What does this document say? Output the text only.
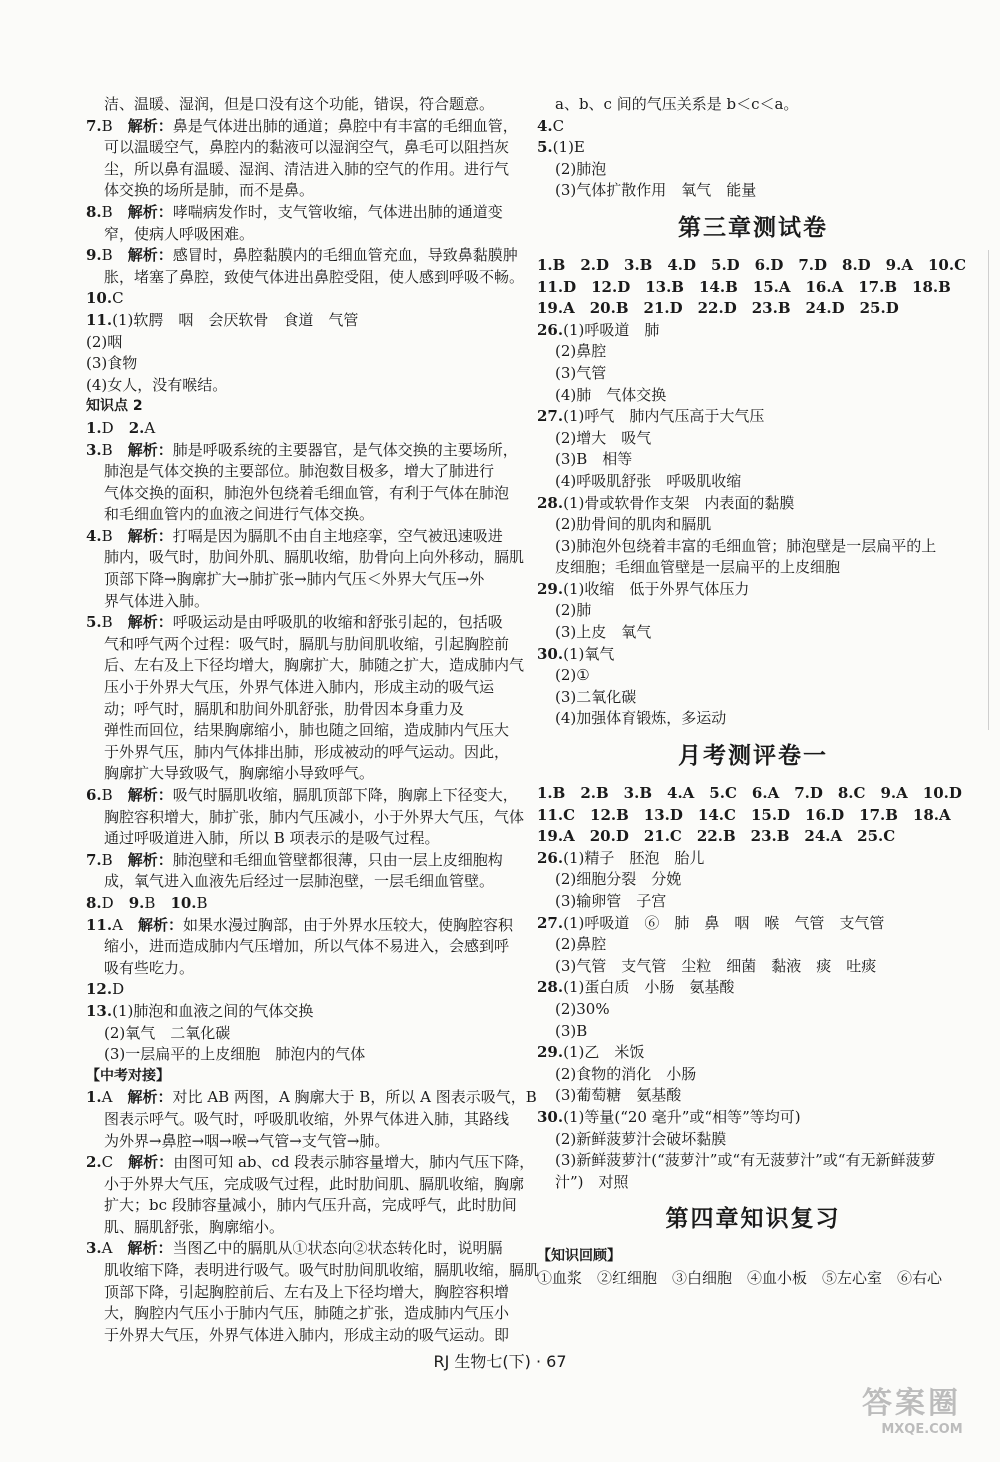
洁、温暖、湿润，但是口没有这个功能，错误，符合题意。
7.B　 解析：鼻是气体进出肺的通道；鼻腔中有丰富的毛细血管，
可以温暖空气，鼻腔内的黏液可以湿润空气，鼻毛可以阻挡灰
尘，所以鼻有温暖、湿润、清洁进入肺的空气的作用。进行气
体交换的场所是肺，而不是鼻。
8.B　 解析：哮喘病发作时，支气管收缩，气体进出肺的通道变
窄，使病人呼吸困难。
9.B　 解析：感冒时，鼻腔黏膜内的毛细血管充血，导致鼻黏膜肿
胀，堵塞了鼻腔，致使气体进出鼻腔受阻，使人感到呼吸不畅。
10.C　
11.(1)软腭　咽　会厌软骨　食道　气管
(2)咽
(3)食物
(4)女人，没有喉结。
知识点 2
1.D　 2.A　
3.B　 解析：肺是呼吸系统的主要器官，是气体交换的主要场所，
肺泡是气体交换的主要部位。肺泡数目极多，增大了肺进行
气体交换的面积，肺泡外包绕着毛细血管，有利于气体在肺泡
和毛细血管内的血液之间进行气体交换。
4.B　 解析：打嗝是因为膈肌不由自主地痉挛，空气被迅速吸进
肺内，吸气时，肋间外肌、膈肌收缩，肋骨向上向外移动，膈肌
顶部下降→胸廓扩大→肺扩张→肺内气压＜外界大气压→外
界气体进入肺。
5.B　 解析：呼吸运动是由呼吸肌的收缩和舒张引起的，包括吸
气和呼气两个过程：吸气时，膈肌与肋间肌收缩，引起胸腔前
后、左右及上下径均增大，胸廓扩大，肺随之扩大，造成肺内气
压小于外界大气压，外界气体进入肺内，形成主动的吸气运
动；呼气时，膈肌和肋间外肌舒张，肋骨因本身重力及
弹性而回位，结果胸廓缩小，肺也随之回缩，造成肺内气压大
于外界气压，肺内气体排出肺，形成被动的呼气运动。因此，
胸廓扩大导致吸气，胸廓缩小导致呼气。
6.B　 解析：吸气时膈肌收缩，膈肌顶部下降，胸廓上下径变大，
胸腔容积增大，肺扩张，肺内气压减小，小于外界大气压，气体
通过呼吸道进入肺，所以 B 项表示的是吸气过程。
7.B　 解析：肺泡壁和毛细血管壁都很薄，只由一层上皮细胞构
成，氧气进入血液先后经过一层肺泡壁，一层毛细血管壁。
8.D　 9.B　 10.B
11.A　 解析：如果水漫过胸部，由于外界水压较大，使胸腔容积
缩小，进而造成肺内气压增加，所以气体不易进入，会感到呼
吸有些吃力。
12.D　
13.(1)肺泡和血液之间的气体交换
(2)氧气　二氧化碳
(3)一层扁平的上皮细胞　肺泡内的气体
【中考对接】
1.A　 解析：对比 AB 两图，A 胸廓大于 B，所以 A 图表示吸气，B
图表示呼气。吸气时，呼吸肌收缩，外界气体进入肺，其路线
为外界→鼻腔→咽→喉→气管→支气管→肺。
2.C　 解析：由图可知 ab、cd 段表示肺容量增大，肺内气压下降，
小于外界大气压，完成吸气过程，此时肋间肌、膈肌收缩，胸廓
扩大；bc 段肺容量减小，肺内气压升高，完成呼气，此时肋间
肌、膈肌舒张，胸廓缩小。
3.A　 解析：当图乙中的膈肌从①状态向②状态转化时，说明膈
肌收缩下降，表明进行吸气。吸气时肋间肌收缩，膈肌收缩，膈肌
顶部下降，引起胸腔前后、左右及上下径均增大，胸腔容积增
大，胸腔内气压小于肺内气压，肺随之扩张，造成肺内气压小
于外界大气压，外界气体进入肺内，形成主动的吸气运动。即
a、b、c 间的气压关系是 b＜c＜a。
4.C　
5.(1)E
(2)肺泡
(3)气体扩散作用　氧气　能量
第三章测试卷
1.B　2.D　3.B　4.D　5.D　6.D　7.D　8.D　9.A　10.C
11.D　12.D　13.B　14.B　15.A　16.A　17.B　18.B
19.A　20.B　21.D　22.D　23.B　24.D　25.D
26.(1)呼吸道　肺
(2)鼻腔
(3)气管
(4)肺　气体交换
27.(1)呼气　肺内气压高于大气压
(2)增大　吸气
(3)B　相等
(4)呼吸肌舒张　呼吸肌收缩
28.(1)骨或软骨作支架　内表面的黏膜
(2)肋骨间的肌肉和膈肌
(3)肺泡外包绕着丰富的毛细血管；肺泡壁是一层扁平的上
皮细胞；毛细血管壁是一层扁平的上皮细胞
29.(1)收缩　低于外界气体压力
(2)肺
(3)上皮　氧气
30.(1)氧气
(2)①
(3)二氧化碳
(4)加强体育锻炼，多运动
月考测评卷一
1.B　2.B　3.B　4.A　5.C　6.A　7.D　8.C　9.A　10.D
11.C　12.B　13.D　14.C　15.D　16.D　17.B　18.A
19.A　20.D　21.C　22.B　23.B　24.A　25.C
26.(1)精子　胚泡　胎儿
(2)细胞分裂　分娩
(3)输卵管　子宫
27.(1)呼吸道　⑥　肺　鼻　咽　喉　气管　支气管
(2)鼻腔
(3)气管　支气管　尘粒　细菌　黏液　痰　吐痰
28.(1)蛋白质　小肠　氨基酸
(2)30%
(3)B
29.(1)乙　米饭
(2)食物的消化　小肠
(3)葡萄糖　氨基酸
30.(1)等量(“20 毫升”或“相等”等均可)
(2)新鲜菠萝汁会破坏黏膜
(3)新鲜菠萝汁(“菠萝汁”或“有无菠萝汁”或“有无新鲜菠萝
汁”)　对照
第四章知识复习
【知识回顾】
①血浆　②红细胞　③白细胞　④血小板　⑤左心室　⑥右心
RJ 生物七(下) · 67
答案圈
MXQE.COM
